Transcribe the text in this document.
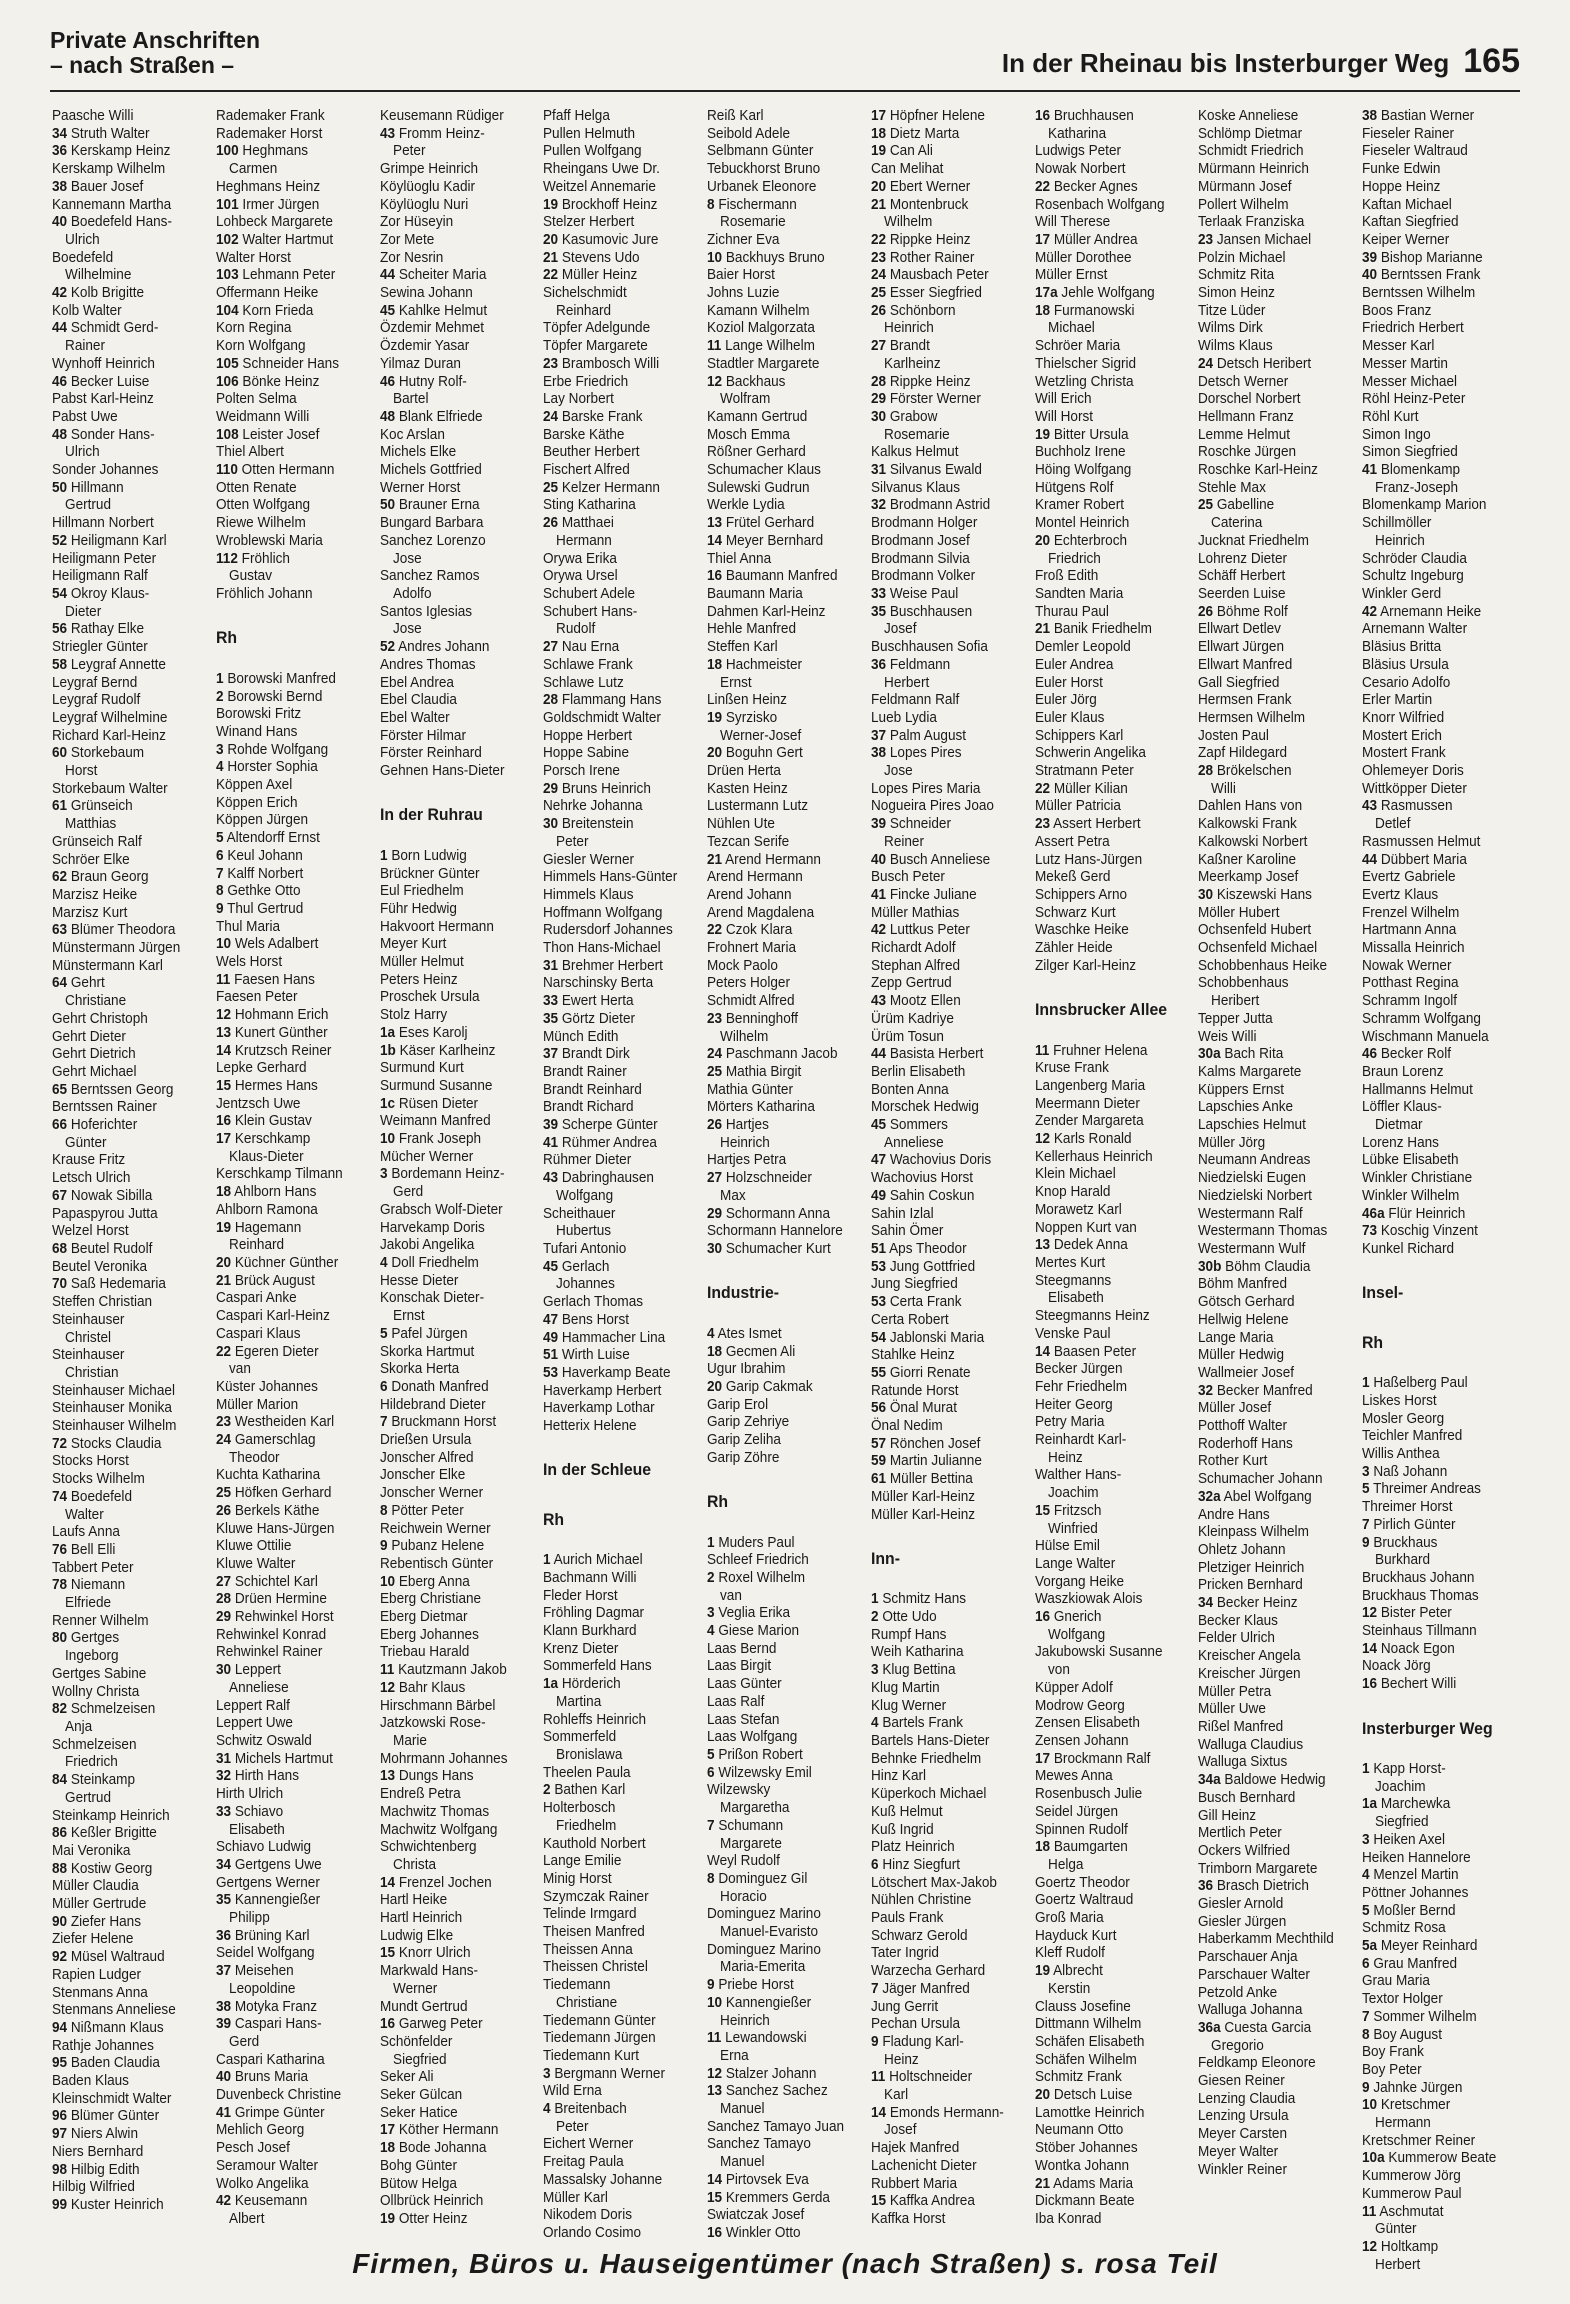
Private Anschriften
– nach Straßen –	In der Rheinau bis Insterburger Weg 165
Paasche Willi
34 Struth Walter
36 Kerskamp Heinz
Kerskamp Wilhelm
38 Bauer Josef
Kannemann Martha
40 Boedefeld Hans-
Ulrich
Boedefeld
Wilhelmine
42 Kolb Brigitte
Kolb Walter
44 Schmidt Gerd-
Rainer
Wynhoff Heinrich
46 Becker Luise
Pabst Karl-Heinz
Pabst Uwe
48 Sonder Hans-
Ulrich
Sonder Johannes
50 Hillmann
Gertrud
Hillmann Norbert
52 Heiligmann Karl
Heiligmann Peter
Heiligmann Ralf
54 Okroy Klaus-
Dieter
56 Rathay Elke
Striegler Günter
58 Leygraf Annette
Leygraf Bernd
Leygraf Rudolf
Leygraf Wilhelmine
Richard Karl-Heinz
60 Storkebaum
Horst
Storkebaum Walter
61 Grünseich
Matthias
Grünseich Ralf
Schröer Elke
62 Braun Georg
Marzisz Heike
Marzisz Kurt
63 Blümer Theodora
Münstermann Jürgen
Münstermann Karl
64 Gehrt
Christiane
Gehrt Christoph
Gehrt Dieter
Gehrt Dietrich
Gehrt Michael
65 Berntssen Georg
Berntssen Rainer
66 Hoferichter
Günter
Krause Fritz
Letsch Ulrich
67 Nowak Sibilla
Papaspyrou Jutta
Welzel Horst
68 Beutel Rudolf
Beutel Veronika
70 Saß Hedemaria
Steffen Christian
Steinhauser
Christel
Steinhauser
Christian
Steinhauser Michael
Steinhauser Monika
Steinhauser Wilhelm
72 Stocks Claudia
Stocks Horst
Stocks Wilhelm
74 Boedefeld
Walter
Laufs Anna
76 Bell Elli
Tabbert Peter
78 Niemann
Elfriede
Renner Wilhelm
80 Gertges
Ingeborg
Gertges Sabine
Wollny Christa
82 Schmelzeisen
Anja
Schmelzeisen
Friedrich
84 Steinkamp
Gertrud
Steinkamp Heinrich
86 Keßler Brigitte
Mai Veronika
88 Kostiw Georg
Müller Claudia
Müller Gertrude
90 Ziefer Hans
Ziefer Helene
92 Müsel Waltraud
Rapien Ludger
Stenmans Anna
Stenmans Anneliese
94 Nißmann Klaus
Rathje Johannes
95 Baden Claudia
Baden Klaus
Kleinschmidt Walter
96 Blümer Günter
97 Niers Alwin
Niers Bernhard
98 Hilbig Edith
Hilbig Wilfried
99 Kuster Heinrich
Rademaker Frank
Rademaker Horst
100 Heghmans
Carmen
Heghmans Heinz
101 Irmer Jürgen
Lohbeck Margarete
102 Walter Hartmut
Walter Horst
103 Lehmann Peter
Offermann Heike
104 Korn Frieda
Korn Regina
Korn Wolfgang
105 Schneider Hans
106 Bönke Heinz
Polten Selma
Weidmann Willi
108 Leister Josef
Thiel Albert
110 Otten Hermann
Otten Renate
Otten Wolfgang
Riewe Wilhelm
Wroblewski Maria
112 Fröhlich
Gustav
Fröhlich Johann

Rh

1 Borowski Manfred
2 Borowski Bernd
Borowski Fritz
Winand Hans
3 Rohde Wolfgang
4 Horster Sophia
Köppen Axel
Köppen Erich
Köppen Jürgen
5 Altendorff Ernst
6 Keul Johann
7 Kalff Norbert
8 Gethke Otto
9 Thul Gertrud
Thul Maria
10 Wels Adalbert
Wels Horst
11 Faesen Hans
Faesen Peter
12 Hohmann Erich
13 Kunert Günther
14 Krutzsch Reiner
Lepke Gerhard
15 Hermes Hans
Jentzsch Uwe
16 Klein Gustav
17 Kerschkamp
Klaus-Dieter
Kerschkamp Tilmann
18 Ahlborn Hans
Ahlborn Ramona
19 Hagemann
Reinhard
20 Küchner Günther
21 Brück August
Caspari Anke
Caspari Karl-Heinz
Caspari Klaus
22 Egeren Dieter
van
Küster Johannes
Müller Marion
23 Westheiden Karl
24 Gamerschlag
Theodor
Kuchta Katharina
25 Höfken Gerhard
26 Berkels Käthe
Kluwe Hans-Jürgen
Kluwe Ottilie
Kluwe Walter
27 Schichtel Karl
28 Drüen Hermine
29 Rehwinkel Horst
Rehwinkel Konrad
Rehwinkel Rainer
30 Leppert
Anneliese
Leppert Ralf
Leppert Uwe
Schwitz Oswald
31 Michels Hartmut
32 Hirth Hans
Hirth Ulrich
33 Schiavo
Elisabeth
Schiavo Ludwig
34 Gertgens Uwe
Gertgens Werner
35 Kannengießer
Philipp
36 Brüning Karl
Seidel Wolfgang
37 Meisehen
Leopoldine
38 Motyka Franz
39 Caspari Hans-
Gerd
Caspari Katharina
40 Bruns Maria
Duvenbeck Christine
41 Grimpe Günter
Mehlich Georg
Pesch Josef
Seramour Walter
Wolko Angelika
42 Keusemann
Albert
Keusemann Rüdiger
43 Fromm Heinz-
Peter
Grimpe Heinrich
Köylüoglu Kadir
Köylüoglu Nuri
Zor Hüseyin
Zor Mete
Zor Nesrin
44 Scheiter Maria
Sewina Johann
45 Kahlke Helmut
Özdemir Mehmet
Özdemir Yasar
Yilmaz Duran
46 Hutny Rolf-
Bartel
48 Blank Elfriede
Koc Arslan
Michels Elke
Michels Gottfried
Werner Horst
50 Brauner Erna
Bungard Barbara
Sanchez Lorenzo
Jose
Sanchez Ramos
Adolfo
Santos Iglesias
Jose
52 Andres Johann
Andres Thomas
Ebel Andrea
Ebel Claudia
Ebel Walter
Förster Hilmar
Förster Reinhard
Gehnen Hans-Dieter

In der Ruhrau

1 Born Ludwig
Brückner Günter
Eul Friedhelm
Führ Hedwig
Hakvoort Hermann
Meyer Kurt
Müller Helmut
Peters Heinz
Proschek Ursula
Stolz Harry
1a Eses Karolj
1b Käser Karlheinz
Surmund Kurt
Surmund Susanne
1c Rüsen Dieter
Weimann Manfred
10 Frank Joseph
Mücher Werner
3 Bordemann Heinz-
Gerd
Grabsch Wolf-Dieter
Harvekamp Doris
Jakobi Angelika
4 Doll Friedhelm
Hesse Dieter
Konschak Dieter-
Ernst
5 Pafel Jürgen
Skorka Hartmut
Skorka Herta
6 Donath Manfred
Hildebrand Dieter
7 Bruckmann Horst
Drießen Ursula
Jonscher Alfred
Jonscher Elke
Jonscher Werner
8 Pötter Peter
Reichwein Werner
9 Pubanz Helene
Rebentisch Günter
10 Eberg Anna
Eberg Christiane
Eberg Dietmar
Eberg Johannes
Triebau Harald
11 Kautzmann Jakob
12 Bahr Klaus
Hirschmann Bärbel
Jatzkowski Rose-
Marie
Mohrmann Johannes
13 Dungs Hans
Endreß Petra
Machwitz Thomas
Machwitz Wolfgang
Schwichtenberg
Christa
14 Frenzel Jochen
Hartl Heike
Hartl Heinrich
Ludwig Elke
15 Knorr Ulrich
Markwald Hans-
Werner
Mundt Gertrud
16 Garweg Peter
Schönfelder
Siegfried
Seker Ali
Seker Gülcan
Seker Hatice
17 Köther Hermann
18 Bode Johanna
Bohg Günter
Bütow Helga
Ollbrück Heinrich
19 Otter Heinz
Pfaff Helga
Pullen Helmuth
Pullen Wolfgang
Rheingans Uwe Dr.
Weitzel Annemarie
19 Brockhoff Heinz
Stelzer Herbert
20 Kasumovic Jure
21 Stevens Udo
22 Müller Heinz
Sichelschmidt
Reinhard
Töpfer Adelgunde
Töpfer Margarete
23 Brambosch Willi
Erbe Friedrich
Lay Norbert
24 Barske Frank
Barske Käthe
Beuther Herbert
Fischert Alfred
25 Kelzer Hermann
Sting Katharina
26 Matthaei
Hermann
Orywa Erika
Orywa Ursel
Schubert Adele
Schubert Hans-
Rudolf
27 Nau Erna
Schlawe Frank
Schlawe Lutz
28 Flammang Hans
Goldschmidt Walter
Hoppe Herbert
Hoppe Sabine
Porsch Irene
29 Bruns Heinrich
Nehrke Johanna
30 Breitenstein
Peter
Giesler Werner
Himmels Hans-Günter
Himmels Klaus
Hoffmann Wolfgang
Rudersdorf Johannes
Thon Hans-Michael
31 Brehmer Herbert
Narschinsky Berta
33 Ewert Herta
35 Görtz Dieter
Münch Edith
37 Brandt Dirk
Brandt Rainer
Brandt Reinhard
Brandt Richard
39 Scherpe Günter
41 Rühmer Andrea
Rühmer Dieter
43 Dabringhausen
Wolfgang
Scheithauer
Hubertus
Tufari Antonio
45 Gerlach
Johannes
Gerlach Thomas
47 Bens Horst
49 Hammacher Lina
51 Wirth Luise
53 Haverkamp Beate
Haverkamp Herbert
Haverkamp Lothar
Hetterix Helene

In der Schleue

Rh

1 Aurich Michael
Bachmann Willi
Fleder Horst
Fröhling Dagmar
Klann Burkhard
Krenz Dieter
Sommerfeld Hans
1a Hörderich
Martina
Rohleffs Heinrich
Sommerfeld
Bronislawa
Theelen Paula
2 Bathen Karl
Holterbosch
Friedhelm
Kauthold Norbert
Lange Emilie
Minig Horst
Szymczak Rainer
Telinde Irmgard
Theisen Manfred
Theissen Anna
Theissen Christel
Tiedemann
Christiane
Tiedemann Günter
Tiedemann Jürgen
Tiedemann Kurt
3 Bergmann Werner
Wild Erna
4 Breitenbach
Peter
Eichert Werner
Freitag Paula
Massalsky Johanne
Müller Karl
Nikodem Doris
Orlando Cosimo
Reiß Karl
Seibold Adele
Selbmann Günter
Tebuckhorst Bruno
Urbanek Eleonore
8 Fischermann
Rosemarie
Zichner Eva
10 Backhuys Bruno
Baier Horst
Johns Luzie
Kamann Wilhelm
Koziol Malgorzata
11 Lange Wilhelm
Stadtler Margarete
12 Backhaus
Wolfram
Kamann Gertrud
Mosch Emma
Rößner Gerhard
Schumacher Klaus
Sulewski Gudrun
Werkle Lydia
13 Frütel Gerhard
14 Meyer Bernhard
Thiel Anna
16 Baumann Manfred
Baumann Maria
Dahmen Karl-Heinz
Hehle Manfred
Steffen Karl
18 Hachmeister
Ernst
Linßen Heinz
19 Syrzisko
Werner-Josef
20 Boguhn Gert
Drüen Herta
Kasten Heinz
Lustermann Lutz
Nühlen Ute
Tezcan Serife
21 Arend Hermann
Arend Hermann
Arend Johann
Arend Magdalena
22 Czok Klara
Frohnert Maria
Mock Paolo
Peters Holger
Schmidt Alfred
23 Benninghoff
Wilhelm
24 Paschmann Jacob
25 Mathia Birgit
Mathia Günter
Mörters Katharina
26 Hartjes
Heinrich
Hartjes Petra
27 Holzschneider
Max
29 Schormann Anna
Schormann Hannelore
30 Schumacher Kurt

Industrie-

4 Ates Ismet
18 Gecmen Ali
Ugur Ibrahim
20 Garip Cakmak
Garip Erol
Garip Zehriye
Garip Zeliha
Garip Zöhre

Rh

1 Muders Paul
Schleef Friedrich
2 Roxel Wilhelm
van
3 Veglia Erika
4 Giese Marion
Laas Bernd
Laas Birgit
Laas Günter
Laas Ralf
Laas Stefan
Laas Wolfgang
5 Prißon Robert
6 Wilzewsky Emil
Wilzewsky
Margaretha
7 Schumann
Margarete
Weyl Rudolf
8 Dominguez Gil
Horacio
Dominguez Marino
Manuel-Evaristo
Dominguez Marino
Maria-Emerita
9 Priebe Horst
10 Kannengießer
Heinrich
11 Lewandowski
Erna
12 Stalzer Johann
13 Sanchez Sachez
Manuel
Sanchez Tamayo Juan
Sanchez Tamayo
Manuel
14 Pirtovsek Eva
15 Kremmers Gerda
Swiatczak Josef
16 Winkler Otto
17 Höpfner Helene
18 Dietz Marta
19 Can Ali
Can Melihat
20 Ebert Werner
21 Montenbruck
Wilhelm
22 Rippke Heinz
23 Rother Rainer
24 Mausbach Peter
25 Esser Siegfried
26 Schönborn
Heinrich
27 Brandt
Karlheinz
28 Rippke Heinz
29 Förster Werner
30 Grabow
Rosemarie
Kalkus Helmut
31 Silvanus Ewald
Silvanus Klaus
32 Brodmann Astrid
Brodmann Holger
Brodmann Josef
Brodmann Silvia
Brodmann Volker
33 Weise Paul
35 Buschhausen
Josef
Buschhausen Sofia
36 Feldmann
Herbert
Feldmann Ralf
Lueb Lydia
37 Palm August
38 Lopes Pires
Jose
Lopes Pires Maria
Nogueira Pires Joao
39 Schneider
Reiner
40 Busch Anneliese
Busch Peter
41 Fincke Juliane
Müller Mathias
42 Luttkus Peter
Richardt Adolf
Stephan Alfred
Zepp Gertrud
43 Mootz Ellen
Ürüm Kadriye
Ürüm Tosun
44 Basista Herbert
Berlin Elisabeth
Bonten Anna
Morschek Hedwig
45 Sommers
Anneliese
47 Wachovius Doris
Wachovius Horst
49 Sahin Coskun
Sahin Izlal
Sahin Ömer
51 Aps Theodor
53 Jung Gottfried
Jung Siegfried
53 Certa Frank
Certa Robert
54 Jablonski Maria
Stahlke Heinz
55 Giorri Renate
Ratunde Horst
56 Önal Murat
Önal Nedim
57 Rönchen Josef
59 Martin Julianne
61 Müller Bettina
Müller Karl-Heinz
Müller Karl-Heinz

Inn-

1 Schmitz Hans
2 Otte Udo
Rumpf Hans
Weih Katharina
3 Klug Bettina
Klug Martin
Klug Werner
4 Bartels Frank
Bartels Hans-Dieter
Behnke Friedhelm
Hinz Karl
Küperkoch Michael
Kuß Helmut
Kuß Ingrid
Platz Heinrich
6 Hinz Siegfurt
Lötschert Max-Jakob
Nühlen Christine
Pauls Frank
Schwarz Gerold
Tater Ingrid
Warzecha Gerhard
7 Jäger Manfred
Jung Gerrit
Pechan Ursula
9 Fladung Karl-
Heinz
11 Holtschneider
Karl
14 Emonds Hermann-
Josef
Hajek Manfred
Lachenicht Dieter
Rubbert Maria
15 Kaffka Andrea
Kaffka Horst
16 Bruchhausen
Katharina
Ludwigs Peter
Nowak Norbert
22 Becker Agnes
Rosenbach Wolfgang
Will Therese
17 Müller Andrea
Müller Dorothee
Müller Ernst
17a Jehle Wolfgang
18 Furmanowski
Michael
Schröer Maria
Thielscher Sigrid
Wetzling Christa
Will Erich
Will Horst
19 Bitter Ursula
Buchholz Irene
Höing Wolfgang
Hütgens Rolf
Kramer Robert
Montel Heinrich
20 Echterbroch
Friedrich
Froß Edith
Sandten Maria
Thurau Paul
21 Banik Friedhelm
Demler Leopold
Euler Andrea
Euler Horst
Euler Jörg
Euler Klaus
Schippers Karl
Schwerin Angelika
Stratmann Peter
22 Müller Kilian
Müller Patricia
23 Assert Herbert
Assert Petra
Lutz Hans-Jürgen
Mekeß Gerd
Schippers Arno
Schwarz Kurt
Waschke Heike
Zähler Heide
Zilger Karl-Heinz

Innsbrucker Allee

11 Fruhner Helena
Kruse Frank
Langenberg Maria
Meermann Dieter
Zender Margareta
12 Karls Ronald
Kellerhaus Heinrich
Klein Michael
Knop Harald
Morawetz Karl
Noppen Kurt van
13 Dedek Anna
Mertes Kurt
Steegmanns
Elisabeth
Steegmanns Heinz
Venske Paul
14 Baasen Peter
Becker Jürgen
Fehr Friedhelm
Heiter Georg
Petry Maria
Reinhardt Karl-
Heinz
Walther Hans-
Joachim
15 Fritzsch
Winfried
Hülse Emil
Lange Walter
Vorgang Heike
Waszkiowak Alois
16 Gnerich
Wolfgang
Jakubowski Susanne
von
Küpper Adolf
Modrow Georg
Zensen Elisabeth
Zensen Johann
17 Brockmann Ralf
Mewes Anna
Rosenbusch Julie
Seidel Jürgen
Spinnen Rudolf
18 Baumgarten
Helga
Goertz Theodor
Goertz Waltraud
Groß Maria
Hayduck Kurt
Kleff Rudolf
19 Albrecht
Kerstin
Clauss Josefine
Dittmann Wilhelm
Schäfen Elisabeth
Schäfen Wilhelm
Schmitz Frank
20 Detsch Luise
Lamottke Heinrich
Neumann Otto
Stöber Johannes
Wontka Johann
21 Adams Maria
Dickmann Beate
Iba Konrad
Koske Anneliese
Schlömp Dietmar
Schmidt Friedrich
Mürmann Heinrich
Mürmann Josef
Pollert Wilhelm
Terlaak Franziska
23 Jansen Michael
Polzin Michael
Schmitz Rita
Simon Heinz
Titze Lüder
Wilms Dirk
Wilms Klaus
24 Detsch Heribert
Detsch Werner
Dorschel Norbert
Hellmann Franz
Lemme Helmut
Roschke Jürgen
Roschke Karl-Heinz
Stehle Max
25 Gabelline
Caterina
Jucknat Friedhelm
Lohrenz Dieter
Schäff Herbert
Seerden Luise
26 Böhme Rolf
Ellwart Detlev
Ellwart Jürgen
Ellwart Manfred
Gall Siegfried
Hermsen Frank
Hermsen Wilhelm
Josten Paul
Zapf Hildegard
28 Brökelschen
Willi
Dahlen Hans von
Kalkowski Frank
Kalkowski Norbert
Kaßner Karoline
Meerkamp Josef
30 Kiszewski Hans
Möller Hubert
Ochsenfeld Hubert
Ochsenfeld Michael
Schobbenhaus Heike
Schobbenhaus
Heribert
Tepper Jutta
Weis Willi
30a Bach Rita
Kalms Margarete
Küppers Ernst
Lapschies Anke
Lapschies Helmut
Müller Jörg
Neumann Andreas
Niedzielski Eugen
Niedzielski Norbert
Westermann Ralf
Westermann Thomas
Westermann Wulf
30b Böhm Claudia
Böhm Manfred
Götsch Gerhard
Hellwig Helene
Lange Maria
Müller Hedwig
Wallmeier Josef
32 Becker Manfred
Müller Josef
Potthoff Walter
Roderhoff Hans
Rother Kurt
Schumacher Johann
32a Abel Wolfgang
Andre Hans
Kleinpass Wilhelm
Ohletz Johann
Pletziger Heinrich
Pricken Bernhard
34 Becker Heinz
Becker Klaus
Felder Ulrich
Kreischer Angela
Kreischer Jürgen
Müller Petra
Müller Uwe
Rißel Manfred
Walluga Claudius
Walluga Sixtus
34a Baldowe Hedwig
Busch Bernhard
Gill Heinz
Mertlich Peter
Ockers Wilfried
Trimborn Margarete
36 Brasch Dietrich
Giesler Arnold
Giesler Jürgen
Haberkamm Mechthild
Parschauer Anja
Parschauer Walter
Petzold Anke
Walluga Johanna
36a Cuesta Garcia
Gregorio
Feldkamp Eleonore
Giesen Reiner
Lenzing Claudia
Lenzing Ursula
Meyer Carsten
Meyer Walter
Winkler Reiner
38 Bastian Werner
Fieseler Rainer
Fieseler Waltraud
Funke Edwin
Hoppe Heinz
Kaftan Michael
Kaftan Siegfried
Keiper Werner
39 Bishop Marianne
40 Berntssen Frank
Berntssen Wilhelm
Boos Franz
Friedrich Herbert
Messer Karl
Messer Martin
Messer Michael
Röhl Heinz-Peter
Röhl Kurt
Simon Ingo
Simon Siegfried
41 Blomenkamp
Franz-Joseph
Blomenkamp Marion
Schillmöller
Heinrich
Schröder Claudia
Schultz Ingeburg
Winkler Gerd
42 Arnemann Heike
Arnemann Walter
Bläsius Britta
Bläsius Ursula
Cesario Adolfo
Erler Martin
Knorr Wilfried
Mostert Erich
Mostert Frank
Ohlemeyer Doris
Wittköpper Dieter
43 Rasmussen
Detlef
Rasmussen Helmut
44 Dübbert Maria
Evertz Gabriele
Evertz Klaus
Frenzel Wilhelm
Hartmann Anna
Missalla Heinrich
Nowak Werner
Potthast Regina
Schramm Ingolf
Schramm Wolfgang
Wischmann Manuela
46 Becker Rolf
Braun Lorenz
Hallmanns Helmut
Löffler Klaus-
Dietmar
Lorenz Hans
Lübke Elisabeth
Winkler Christiane
Winkler Wilhelm
46a Flür Heinrich
73 Koschig Vinzent
Kunkel Richard

Insel-

Rh

1 Haßelberg Paul
Liskes Horst
Mosler Georg
Teichler Manfred
Willis Anthea
3 Naß Johann
5 Threimer Andreas
Threimer Horst
7 Pirlich Günter
9 Bruckhaus
Burkhard
Bruckhaus Johann
Bruckhaus Thomas
12 Bister Peter
Steinhaus Tillmann
14 Noack Egon
Noack Jörg
16 Bechert Willi

Insterburger Weg

1 Kapp Horst-
Joachim
1a Marchewka
Siegfried
3 Heiken Axel
Heiken Hannelore
4 Menzel Martin
Pöttner Johannes
5 Moßler Bernd
Schmitz Rosa
5a Meyer Reinhard
6 Grau Manfred
Grau Maria
Textor Holger
7 Sommer Wilhelm
8 Boy August
Boy Frank
Boy Peter
9 Jahnke Jürgen
10 Kretschmer
Hermann
Kretschmer Reiner
10a Kummerow Beate
Kummerow Jörg
Kummerow Paul
11 Aschmutat
Günter
12 Holtkamp
Herbert
Firmen, Büros u. Hauseigentümer (nach Straßen) s. rosa Teil
